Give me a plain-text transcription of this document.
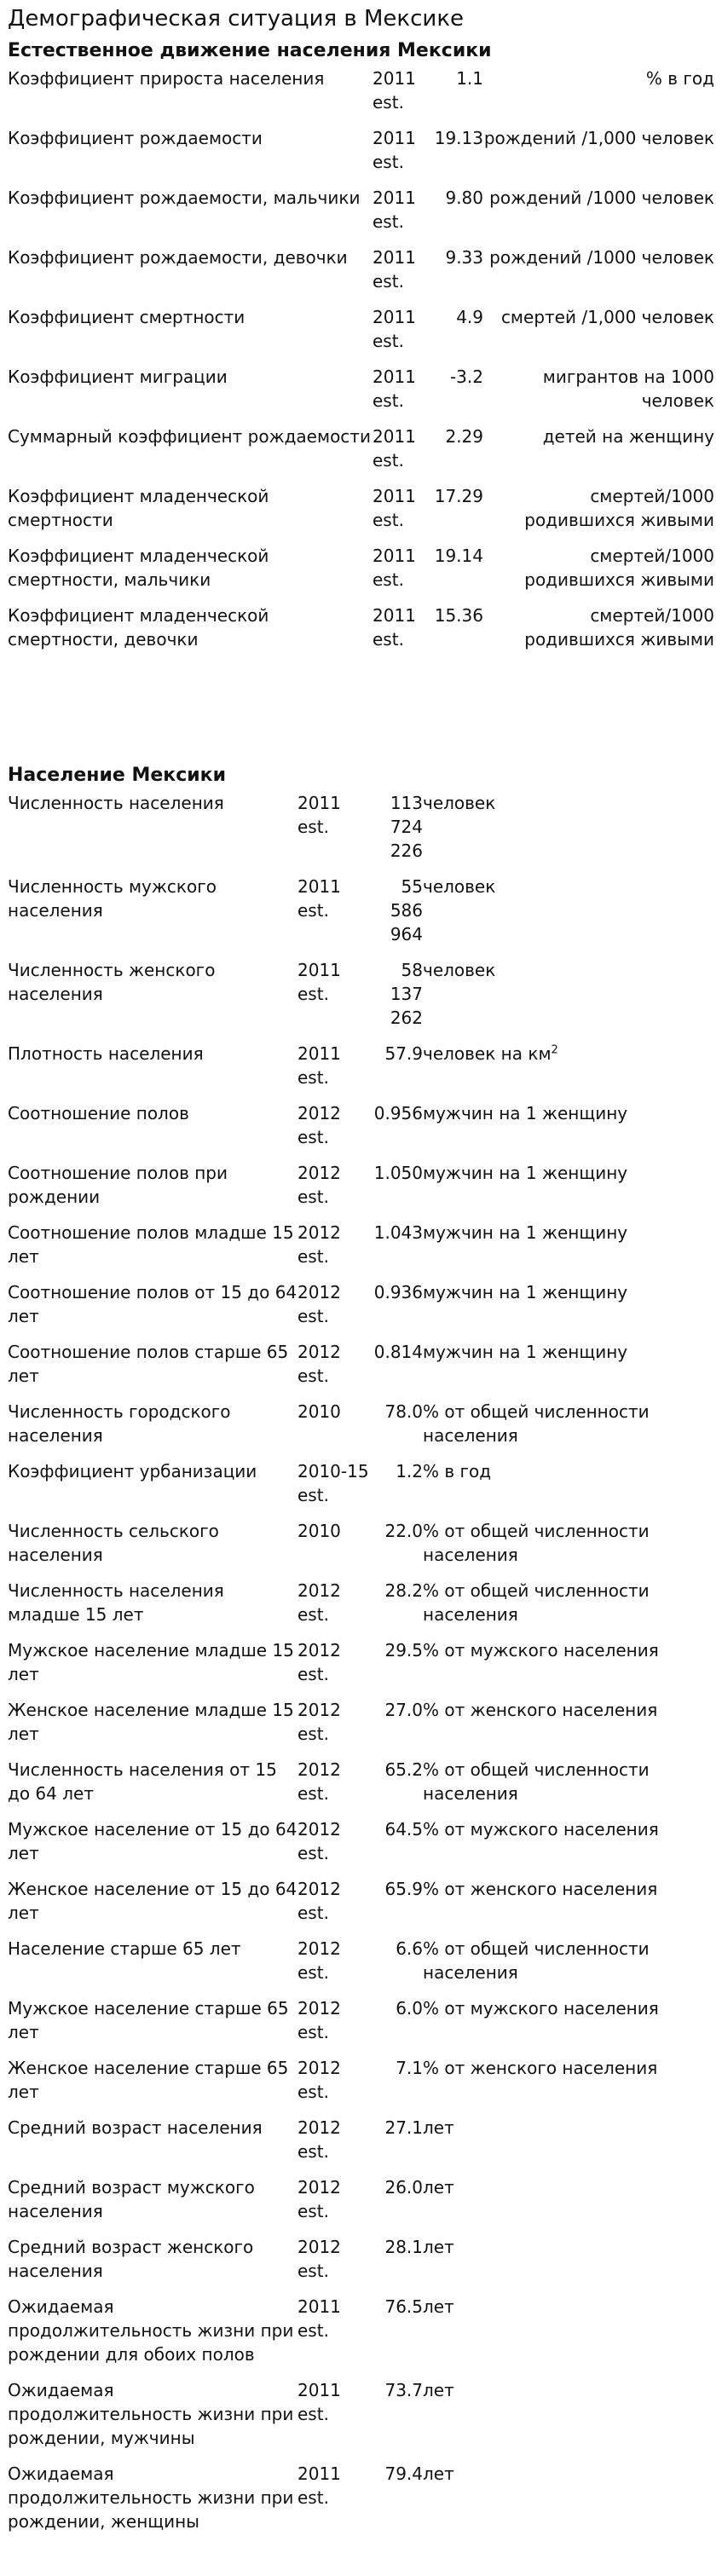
Демографическая ситуация в Мексике
Естественное движение населения Мексики
Коэффициент прироста населения	2011 est.	1.1	% в год
Коэффициент рождаемости	2011 est.	19.13	рождений /1,000 человек
Коэффициент рождаемости, мальчики	2011 est.	9.80	рождений /1000 человек
Коэффициент рождаемости, девочки	2011 est.	9.33	рождений /1000 человек
Коэффициент смертности	2011 est.	4.9	смертей /1,000 человек
Коэффициент миграции	2011 est.	-3.2	мигрантов на 1000 человек
Суммарный коэффициент рождаемости	2011 est.	2.29	детей на женщину
Коэффициент младенческой смертности	2011 est.	17.29	смертей/1000 родившихся живыми
Коэффициент младенческой смертности, мальчики	2011 est.	19.14	смертей/1000 родившихся живыми
Коэффициент младенческой смертности, девочки	2011 est.	15.36	смертей/1000 родившихся живыми
Население Мексики
Численность населения	2011 est.	113 724 226	человек
Численность мужского населения	2011 est.	55 586 964	человек
Численность женского населения	2011 est.	58 137 262	человек
Плотность населения	2011 est.	57.9	человек на $км^2$
Соотношение полов	2012 est.	0.956	мужчин на 1 женщину
Соотношение полов при рождении	2012 est.	1.050	мужчин на 1 женщину
Соотношение полов младше 15 лет	2012 est.	1.043	мужчин на 1 женщину
Соотношение полов от 15 до 64 лет	2012 est.	0.936	мужчин на 1 женщину
Соотношение полов старше 65 лет	2012 est.	0.814	мужчин на 1 женщину
Численность городского населения	2010	78.0	% от общей численности населения
Коэффициент урбанизации	2010-15 est.	1.2	% в год
Численность сельского населения	2010	22.0	% от общей численности населения
Численность населения младше 15 лет	2012 est.	28.2	% от общей численности населения
Мужское население младше 15 лет	2012 est.	29.5	% от мужского населения
Женское население младше 15 лет	2012 est.	27.0	% от женского населения
Численность населения от 15 до 64 лет	2012 est.	65.2	% от общей численности населения
Мужское население от 15 до 64 лет	2012 est.	64.5	% от мужского населения
Женское население от 15 до 64 лет	2012 est.	65.9	% от женского населения
Население старше 65 лет	2012 est.	6.6	% от общей численности населения
Мужское население старше 65 лет	2012 est.	6.0	% от мужского населения
Женское население старше 65 лет	2012 est.	7.1	% от женского населения
Средний возраст населения	2012 est.	27.1	лет
Средний возраст мужского населения	2012 est.	26.0	лет
Средний возраст женского населения	2012 est.	28.1	лет
Ожидаемая продолжительность жизни при рождении для обоих полов	2011 est.	76.5	лет
Ожидаемая продолжительность жизни при рождении, мужчины	2011 est.	73.7	лет
Ожидаемая продолжительность жизни при рождении, женщины	2011 est.	79.4	лет
